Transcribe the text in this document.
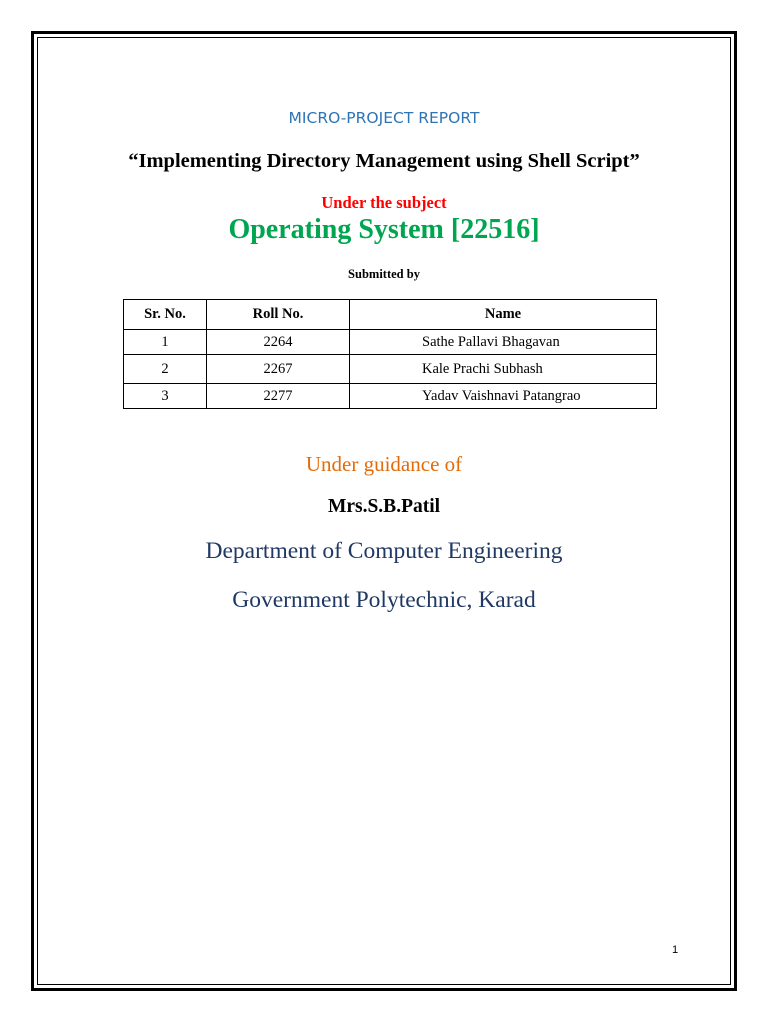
MICRO-PROJECT REPORT
“Implementing Directory Management using Shell Script”
Under the subject
Operating System [22516]
Submitted by
Sr. No.	Roll No.	Name
1	2264	Sathe Pallavi Bhagavan
2	2267	Kale Prachi Subhash
3	2277	Yadav Vaishnavi Patangrao
Under guidance of
Mrs.S.B.Patil
Department of Computer Engineering
Government Polytechnic, Karad
1
